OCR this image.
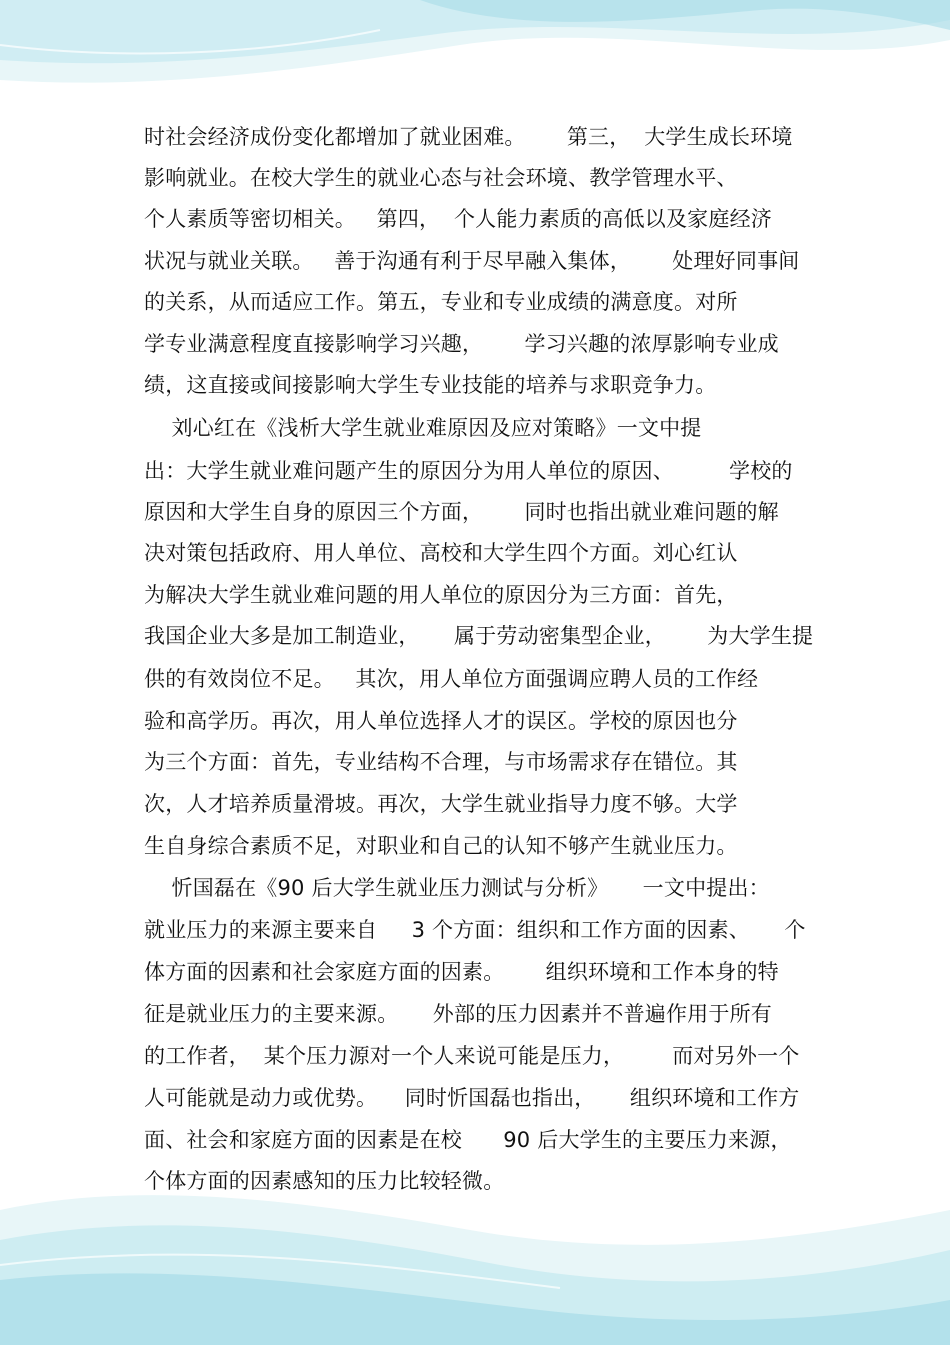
时社会经济成份变化都增加了就业困难。      第三，  大学生成长环境
影响就业。在校大学生的就业心态与社会环境、教学管理水平、
个人素质等密切相关。   第四，  个人能力素质的高低以及家庭经济
状况与就业关联。   善于沟通有利于尽早融入集体，      处理好同事间
的关系，从而适应工作。第五，专业和专业成绩的满意度。对所
学专业满意程度直接影响学习兴趣，      学习兴趣的浓厚影响专业成
绩，这直接或间接影响大学生专业技能的培养与求职竞争力。
刘心红在《浅析大学生就业难原因及应对策略》一文中提
出：大学生就业难问题产生的原因分为用人单位的原因、        学校的
原因和大学生自身的原因三个方面，      同时也指出就业难问题的解
决对策包括政府、用人单位、高校和大学生四个方面。刘心红认
为解决大学生就业难问题的用人单位的原因分为三方面：首先，
我国企业大多是加工制造业，     属于劳动密集型企业，      为大学生提
供的有效岗位不足。   其次，用人单位方面强调应聘人员的工作经
验和高学历。再次，用人单位选择人才的误区。学校的原因也分
为三个方面：首先，专业结构不合理，与市场需求存在错位。其
次，人才培养质量滑坡。再次，大学生就业指导力度不够。大学
生自身综合素质不足，对职业和自己的认知不够产生就业压力。
忻国磊在《90 后大学生就业压力测试与分析》     一文中提出：
就业压力的来源主要来自     3 个方面：组织和工作方面的因素、     个
体方面的因素和社会家庭方面的因素。      组织环境和工作本身的特
征是就业压力的主要来源。     外部的压力因素并不普遍作用于所有
的工作者，  某个压力源对一个人来说可能是压力，       而对另外一个
人可能就是动力或优势。    同时忻国磊也指出，     组织环境和工作方
面、社会和家庭方面的因素是在校      90 后大学生的主要压力来源，
个体方面的因素感知的压力比较轻微。
